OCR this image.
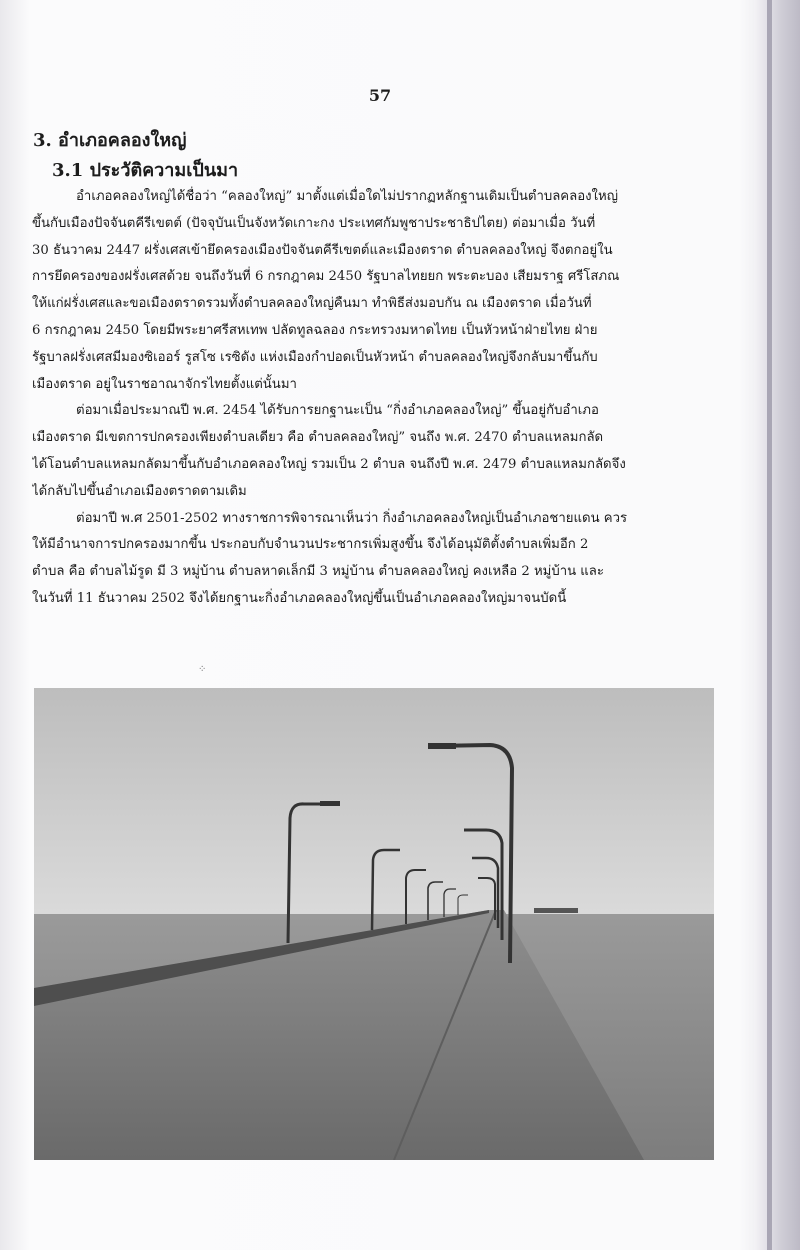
57
3. อำเภอคลองใหญ่
3.1 ประวัติความเป็นมา

อำเภอคลองใหญ่ได้ชื่อว่า “คลองใหญ่” มาตั้งแต่เมื่อใดไม่ปรากฏหลักฐานเดิมเป็นตำบลคลองใหญ่
ขึ้นกับเมืองปัจจันตคีรีเขตต์ (ปัจจุบันเป็นจังหวัดเกาะกง ประเทศกัมพูชาประชาธิปไตย) ต่อมาเมื่อ วันที่
30 ธันวาคม 2447 ฝรั่งเศสเข้ายึดครองเมืองปัจจันตคีรีเขตต์และเมืองตราด ตำบลคลองใหญ่ จึงตกอยู่ใน
การยึดครองของฝรั่งเศสด้วย จนถึงวันที่ 6 กรกฎาคม 2450 รัฐบาลไทยยก พระตะบอง เสียมราฐ ศรีโสภณ
ให้แก่ฝรั่งเศสและขอเมืองตราดรวมทั้งตำบลคลองใหญ่คืนมา ทำพิธีส่งมอบกัน ณ เมืองตราด เมื่อวันที่
6 กรกฎาคม 2450 โดยมีพระยาศรีสหเทพ ปลัดทูลฉลอง กระทรวงมหาดไทย เป็นหัวหน้าฝ่ายไทย ฝ่าย
รัฐบาลฝรั่งเศสมีมองซิเออร์ รูสโซ เรซิดัง แห่งเมืองกำปอดเป็นหัวหน้า ตำบลคลองใหญ่จึงกลับมาขึ้นกับ
เมืองตราด อยู่ในราชอาณาจักรไทยตั้งแต่นั้นมา

ต่อมาเมื่อประมาณปี พ.ศ. 2454 ได้รับการยกฐานะเป็น “กิ่งอำเภอคลองใหญ่” ขึ้นอยู่กับอำเภอ
เมืองตราด มีเขตการปกครองเพียงตำบลเดียว คือ ตำบลคลองใหญ่” จนถึง พ.ศ. 2470 ตำบลแหลมกลัด
ได้โอนตำบลแหลมกลัดมาขึ้นกับอำเภอคลองใหญ่ รวมเป็น 2 ตำบล จนถึงปี พ.ศ. 2479 ตำบลแหลมกลัดจึง
ได้กลับไปขึ้นอำเภอเมืองตราดตามเดิม

ต่อมาปี พ.ศ 2501-2502 ทางราชการพิจารณาเห็นว่า กิ่งอำเภอคลองใหญ่เป็นอำเภอชายแดน ควร
ให้มีอำนาจการปกครองมากขึ้น ประกอบกับจำนวนประชากรเพิ่มสูงขึ้น จึงได้อนุมัติตั้งตำบลเพิ่มอีก 2
ตำบล คือ ตำบลไม้รูด มี 3 หมู่บ้าน ตำบลหาดเล็กมี 3 หมู่บ้าน ตำบลคลองใหญ่ คงเหลือ 2 หมู่บ้าน และ
ในวันที่ 11 ธันวาคม 2502 จึงได้ยกฐานะกิ่งอำเภอคลองใหญ่ขึ้นเป็นอำเภอคลองใหญ่มาจนบัดนี้

⁘
